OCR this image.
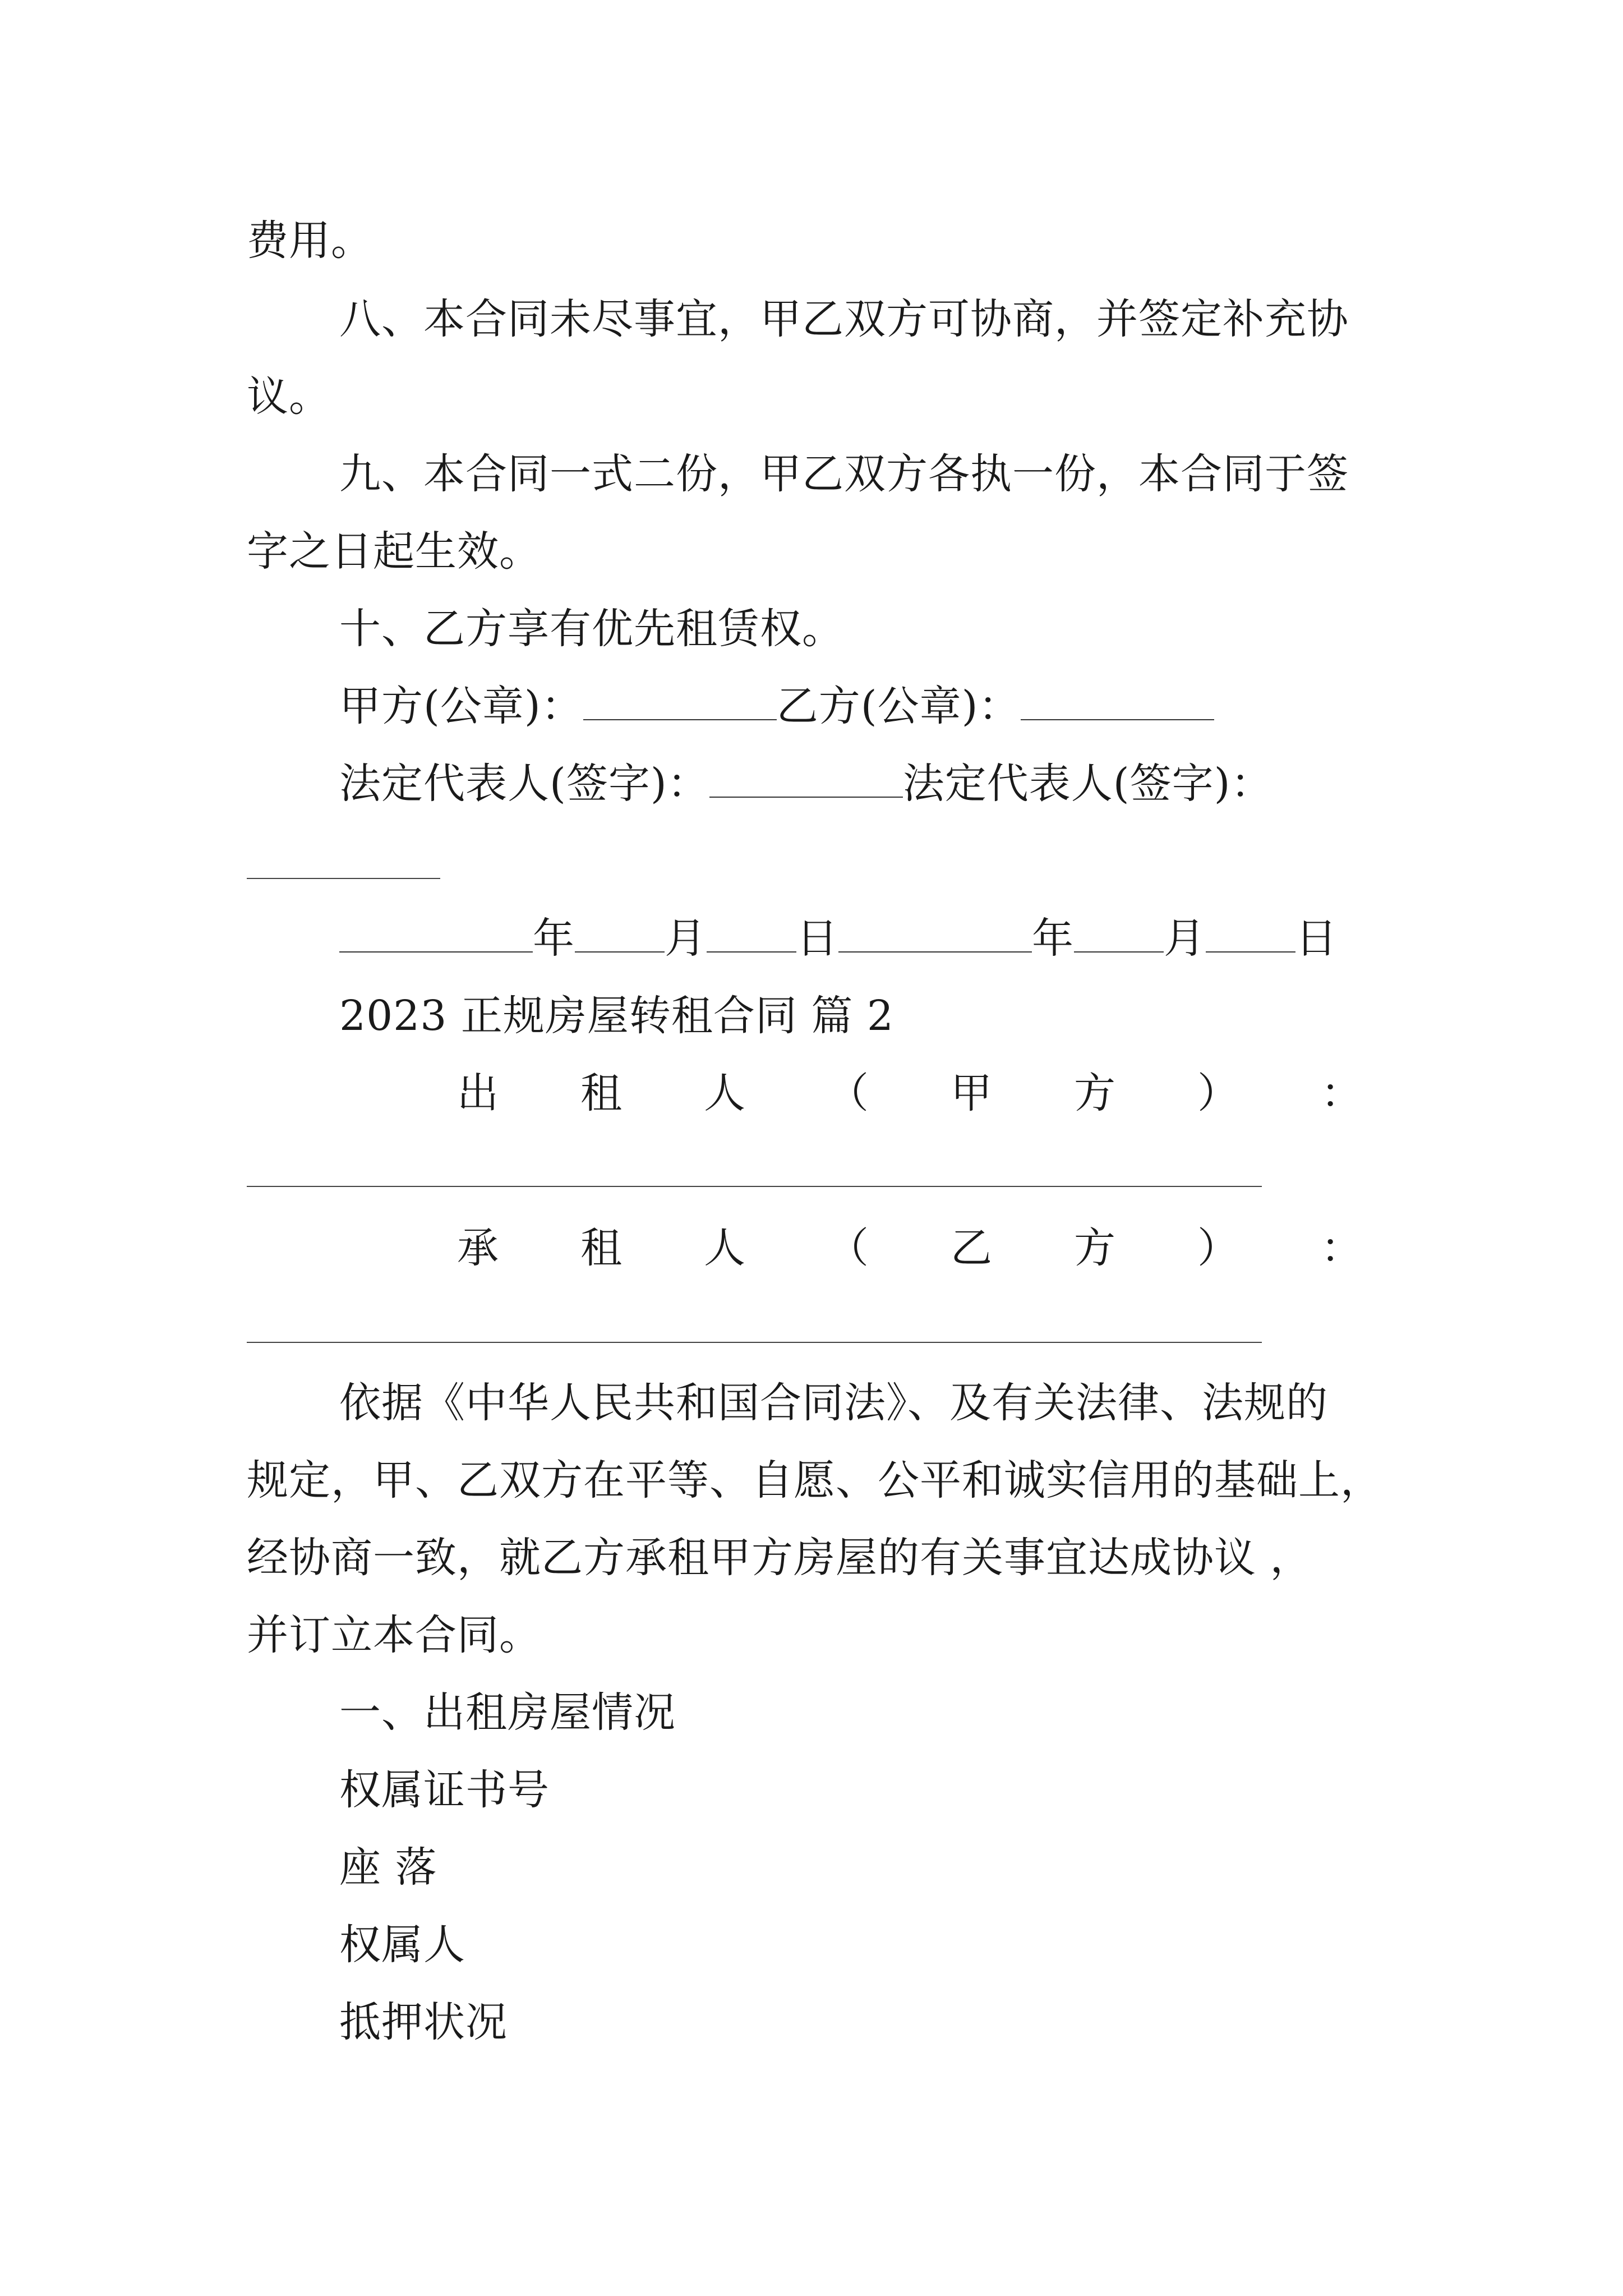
费用。
八、本合同未尽事宜，甲乙双方可协商，并签定补充协
议。
九、本合同一式二份，甲乙双方各执一份，本合同于签
字之日起生效。
十、乙方享有优先租赁权。
甲方(公章)：	乙方(公章)：
法定代表人(签字)：	法定代表人(签字)：
年 月 日	年 月 日
2023 正规房屋转租合同 篇 2
出 租 人 （ 甲 方 ） ：
承 租 人 （ 乙 方 ） ：
依据《中华人民共和国合同法》、及有关法律、法规的
规定，甲、乙双方在平等、自愿、公平和诚实信用的基础上，
经协商一致，就乙方承租甲方房屋的有关事宜达成协议 ，
并订立本合同。
一、出租房屋情况
权属证书号
座 落
权属人
抵押状况
